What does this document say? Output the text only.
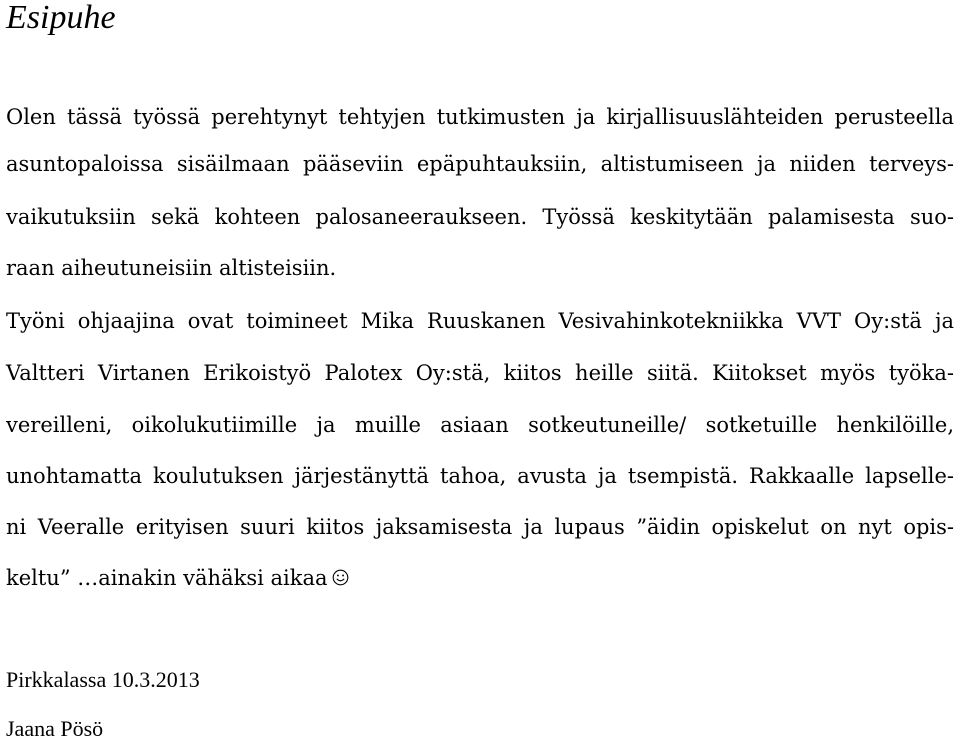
Esipuhe
Olen tässä työssä perehtynyt tehtyjen tutkimusten ja kirjallisuuslähteiden perusteella
asuntopaloissa sisäilmaan pääseviin epäpuhtauksiin, altistumiseen ja niiden terveys-
vaikutuksiin sekä kohteen palosaneeraukseen. Työssä keskitytään palamisesta suo-
raan aiheutuneisiin altisteisiin.
Työni ohjaajina ovat toimineet Mika Ruuskanen Vesivahinkotekniikka VVT Oy:stä ja
Valtteri Virtanen Erikoistyö Palotex Oy:stä, kiitos heille siitä. Kiitokset myös työka-
vereilleni, oikolukutiimille ja muille asiaan sotkeutuneille/ sotketuille henkilöille,
unohtamatta koulutuksen järjestänyttä tahoa, avusta ja tsempistä. Rakkaalle lapselle-
ni Veeralle erityisen suuri kiitos jaksamisesta ja lupaus ”äidin opiskelut on nyt opis-
keltu” …ainakin vähäksi aikaa
Pirkkalassa 10.3.2013
Jaana Pösö
